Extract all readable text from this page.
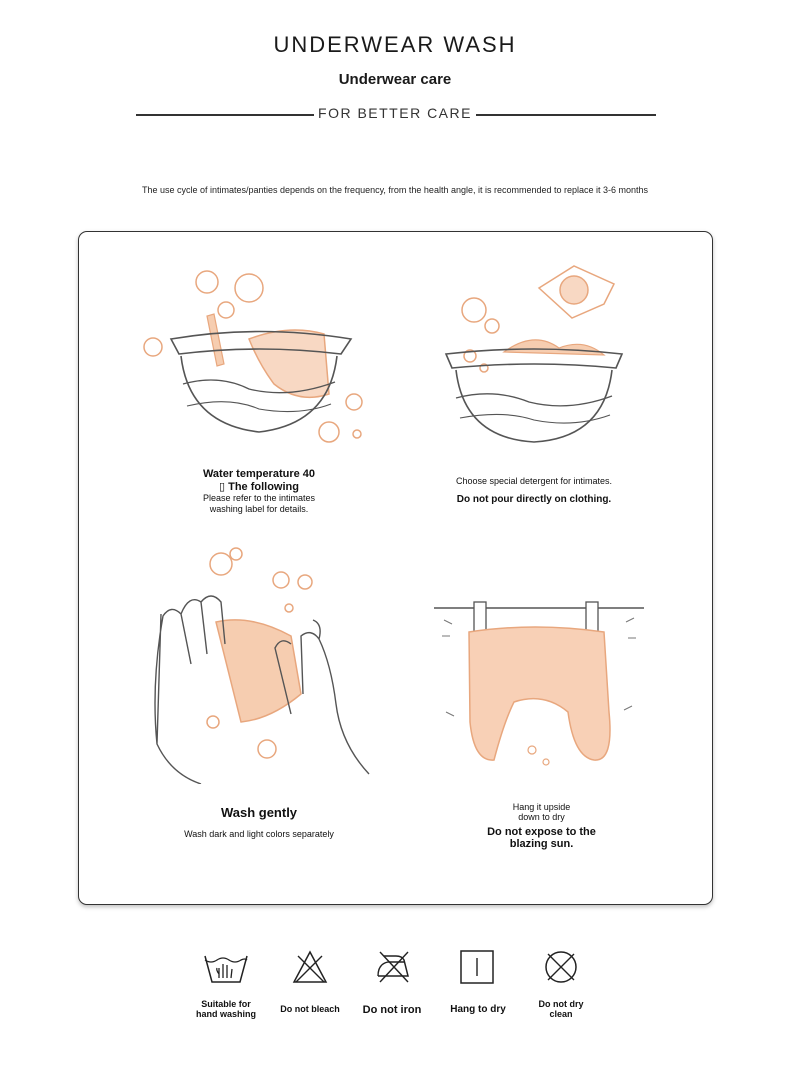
UNDERWEAR WASH
Underwear care
FOR BETTER CARE
The use cycle of intimates/panties depends on the frequency, from the health angle, it is recommended to replace it 3-6 months
Water temperature 40
▯ The following
Please refer to the intimates
washing label for details.
Choose special detergent for intimates.
Do not pour directly on clothing.
Wash gently
Wash dark and light colors separately
Hang it upside
down to dry
Do not expose to the
blazing sun.
Suitable for
hand washing	Do not bleach	Do not iron	Hang to dry	Do not dry
clean
